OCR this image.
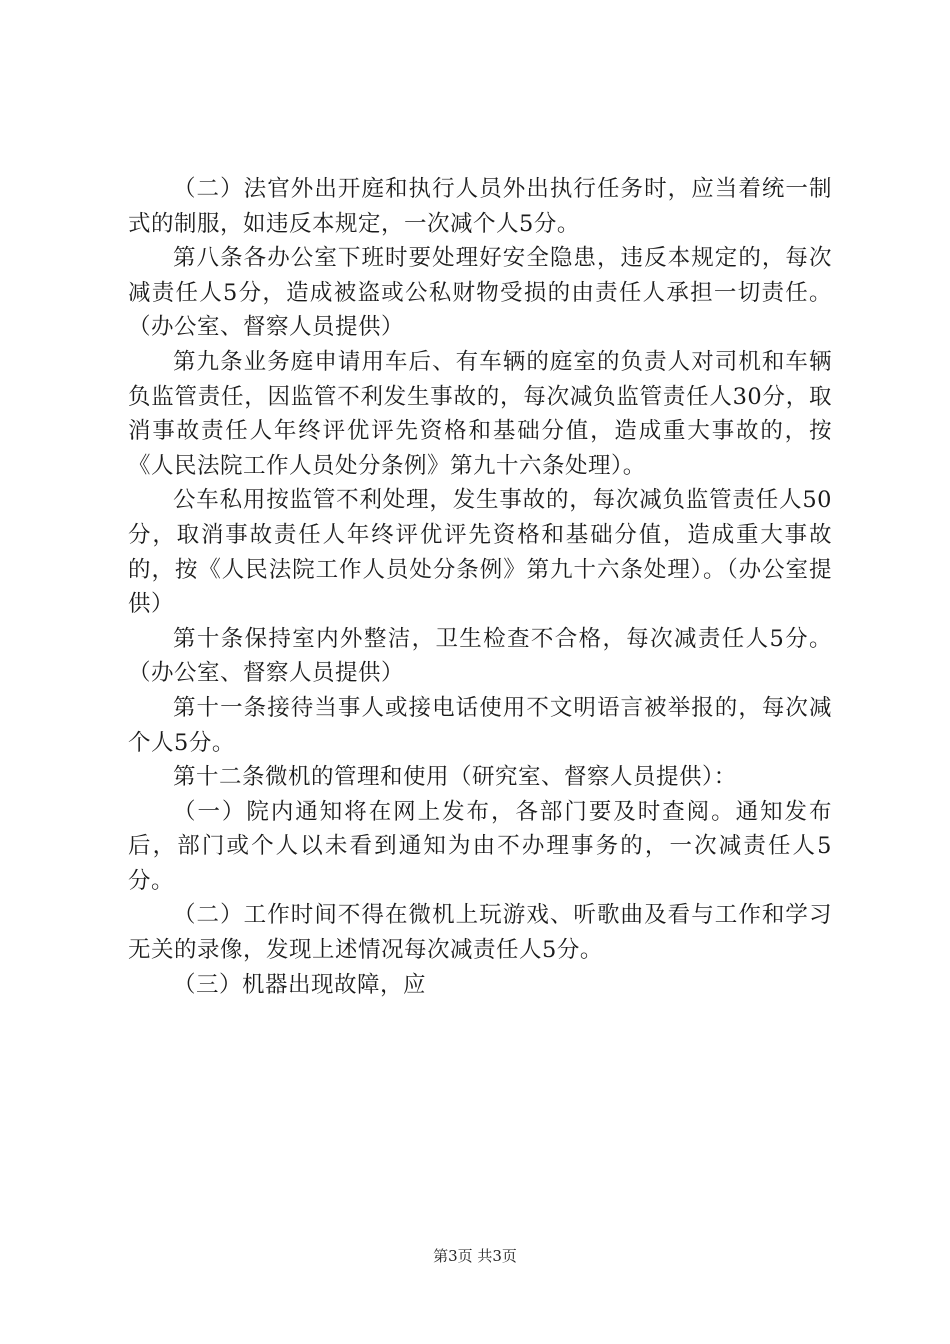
（二）法官外出开庭和执行人员外出执行任务时，应当着统一制式的制服，如违反本规定，一次减个人5分。

第八条各办公室下班时要处理好安全隐患，违反本规定的，每次减责任人5分，造成被盗或公私财物受损的由责任人承担一切责任。（办公室、督察人员提供）

第九条业务庭申请用车后、有车辆的庭室的负责人对司机和车辆负监管责任，因监管不利发生事故的，每次减负监管责任人30分，取消事故责任人年终评优评先资格和基础分值，造成重大事故的，按《人民法院工作人员处分条例》第九十六条处理）。

公车私用按监管不利处理，发生事故的，每次减负监管责任人50分，取消事故责任人年终评优评先资格和基础分值，造成重大事故的，按《人民法院工作人员处分条例》第九十六条处理）。（办公室提供）

第十条保持室内外整洁，卫生检查不合格，每次减责任人5分。（办公室、督察人员提供）

第十一条接待当事人或接电话使用不文明语言被举报的，每次减个人5分。

第十二条微机的管理和使用（研究室、督察人员提供）：

（一）院内通知将在网上发布，各部门要及时查阅。通知发布后，部门或个人以未看到通知为由不办理事务的，一次减责任人5分。

（二）工作时间不得在微机上玩游戏、听歌曲及看与工作和学习无关的录像，发现上述情况每次减责任人5分。

（三）机器出现故障，应

第3页 共3页
